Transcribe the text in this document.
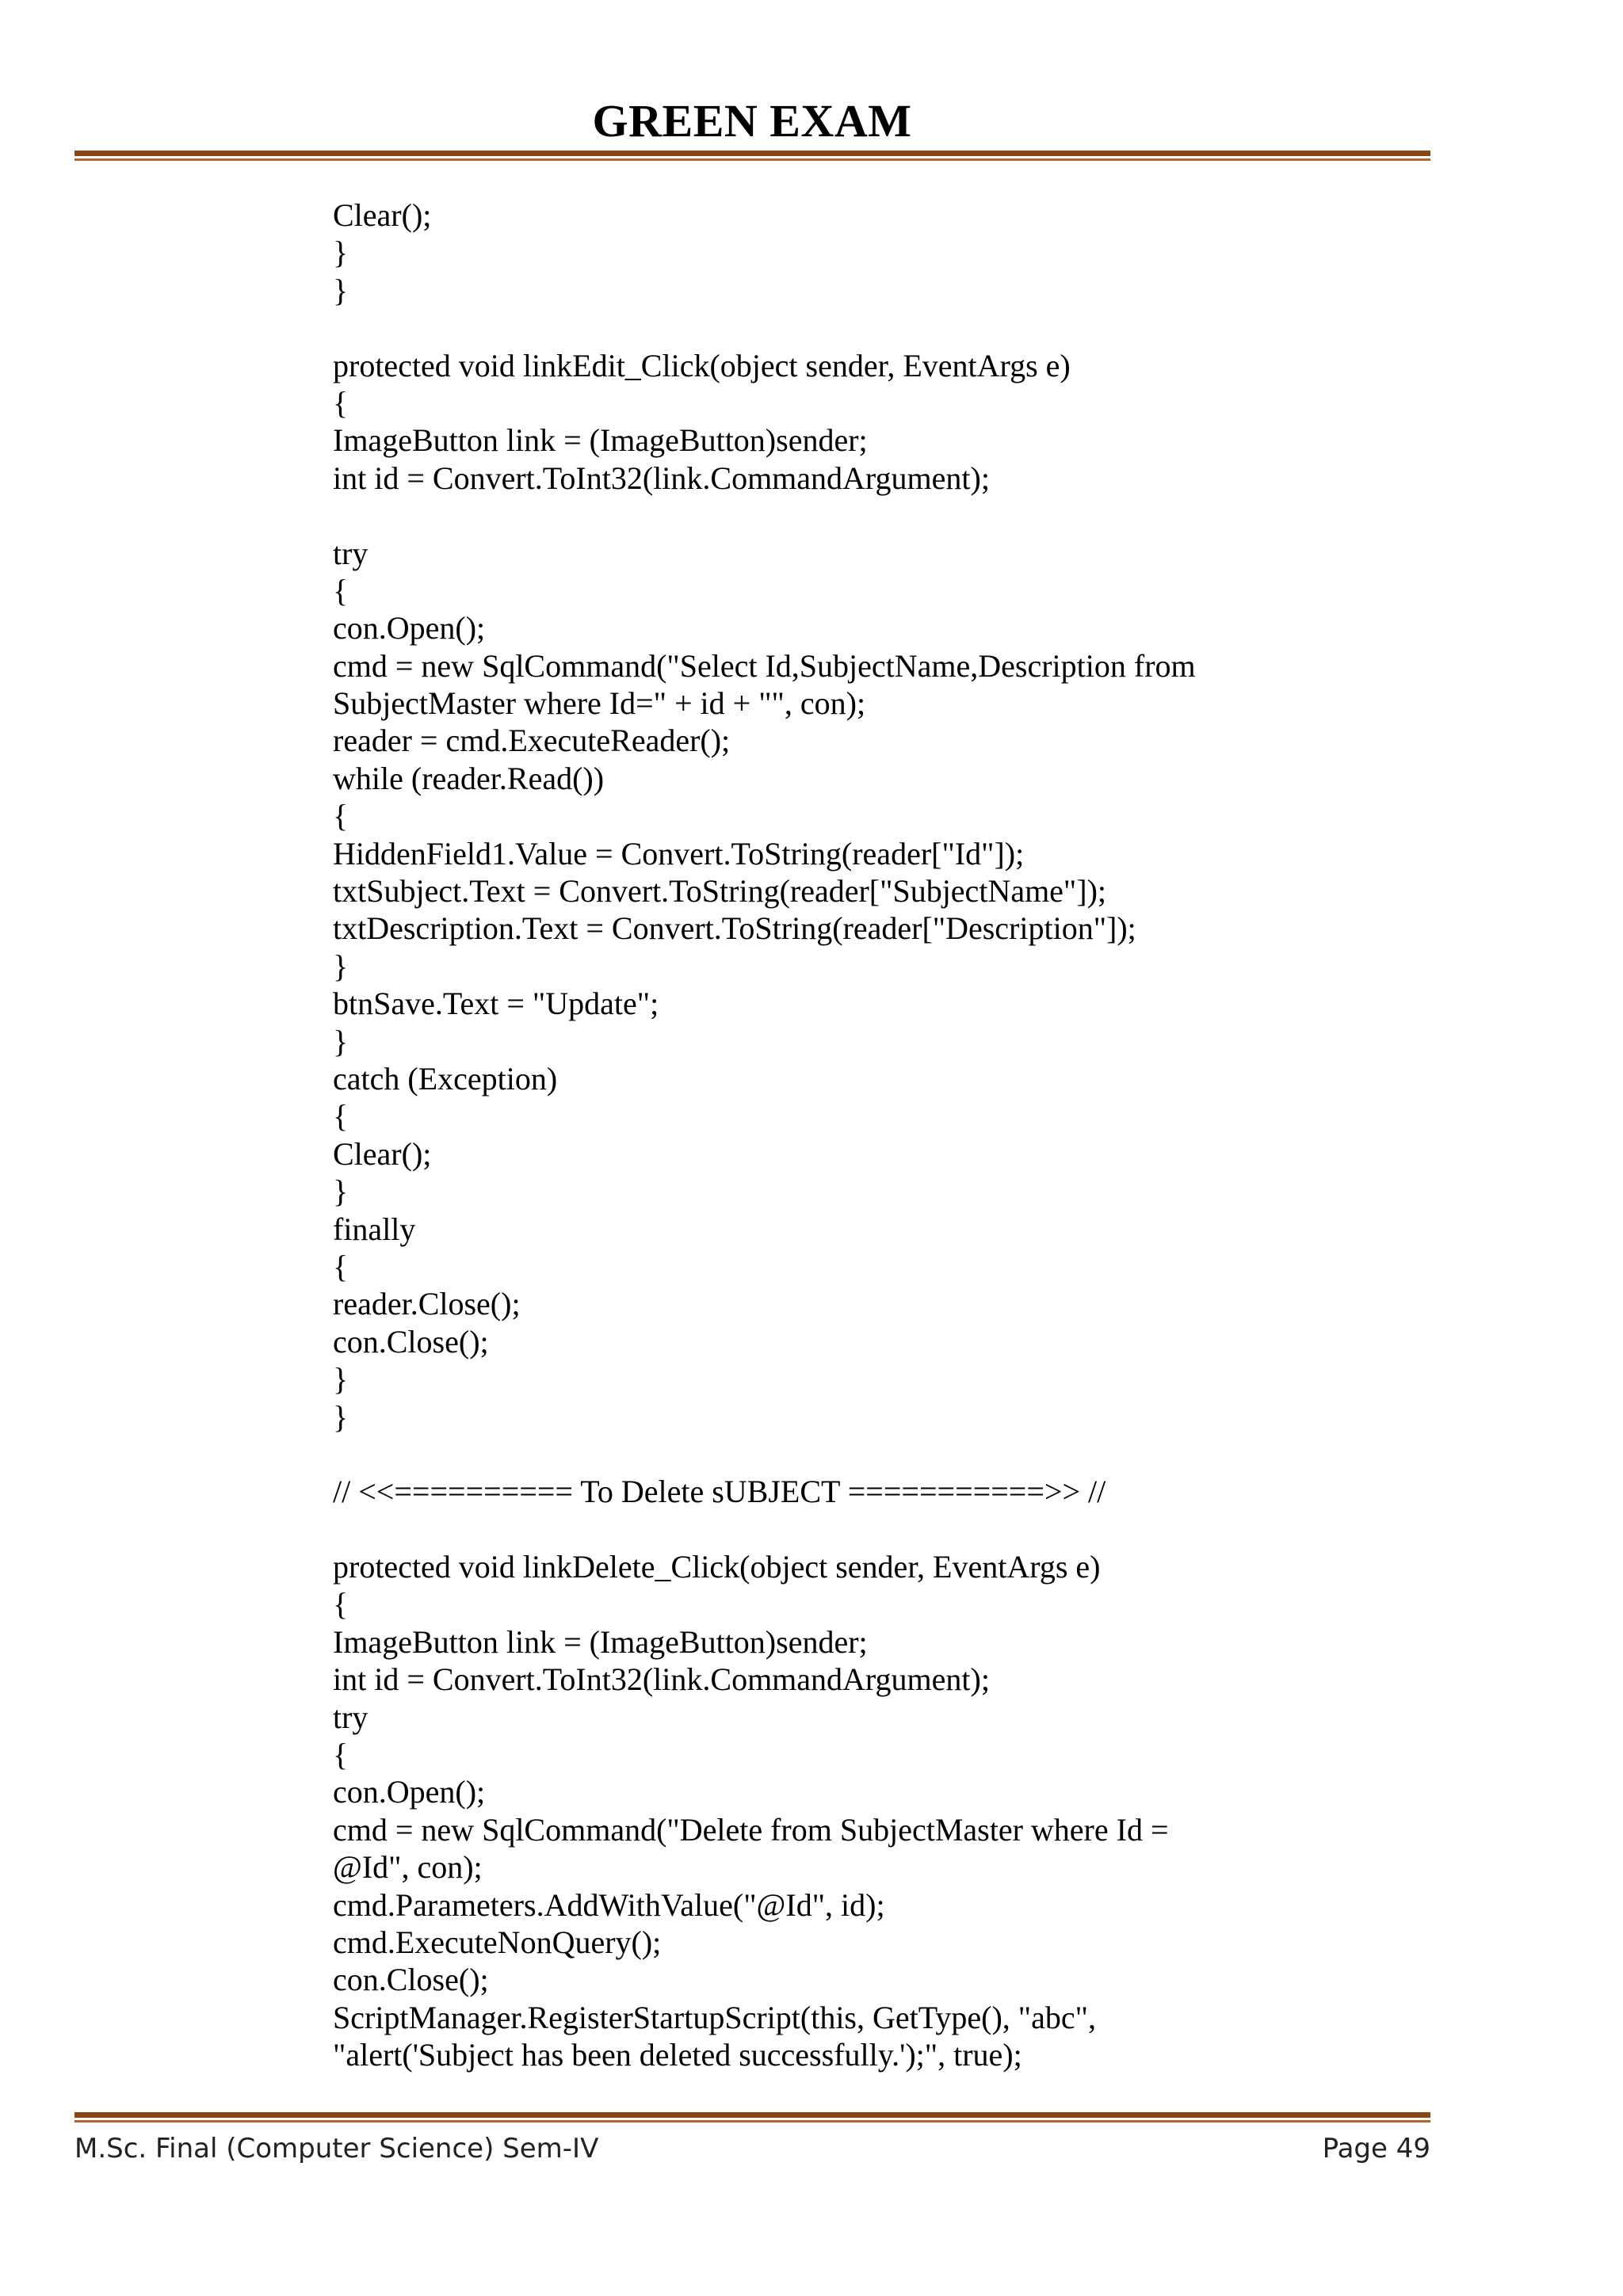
GREEN EXAM
Clear();
}
}
protected void linkEdit_Click(object sender, EventArgs e)
{
ImageButton link = (ImageButton)sender;
int id = Convert.ToInt32(link.CommandArgument);
try
{
con.Open();
cmd = new SqlCommand("Select Id,SubjectName,Description from
SubjectMaster where Id=" + id + "", con);
reader = cmd.ExecuteReader();
while (reader.Read())
{
HiddenField1.Value = Convert.ToString(reader["Id"]);
txtSubject.Text = Convert.ToString(reader["SubjectName"]);
txtDescription.Text = Convert.ToString(reader["Description"]);
}
btnSave.Text = "Update";
}
catch (Exception)
{
Clear();
}
finally
{
reader.Close();
con.Close();
}
}
// <<========== To Delete sUBJECT ===========>> //
protected void linkDelete_Click(object sender, EventArgs e)
{
ImageButton link = (ImageButton)sender;
int id = Convert.ToInt32(link.CommandArgument);
try
{
con.Open();
cmd = new SqlCommand("Delete from SubjectMaster where Id =
@Id", con);
cmd.Parameters.AddWithValue("@Id", id);
cmd.ExecuteNonQuery();
con.Close();
ScriptManager.RegisterStartupScript(this, GetType(), "abc",
"alert('Subject has been deleted successfully.');", true);
M.Sc. Final (Computer Science) Sem-IV	Page 49
